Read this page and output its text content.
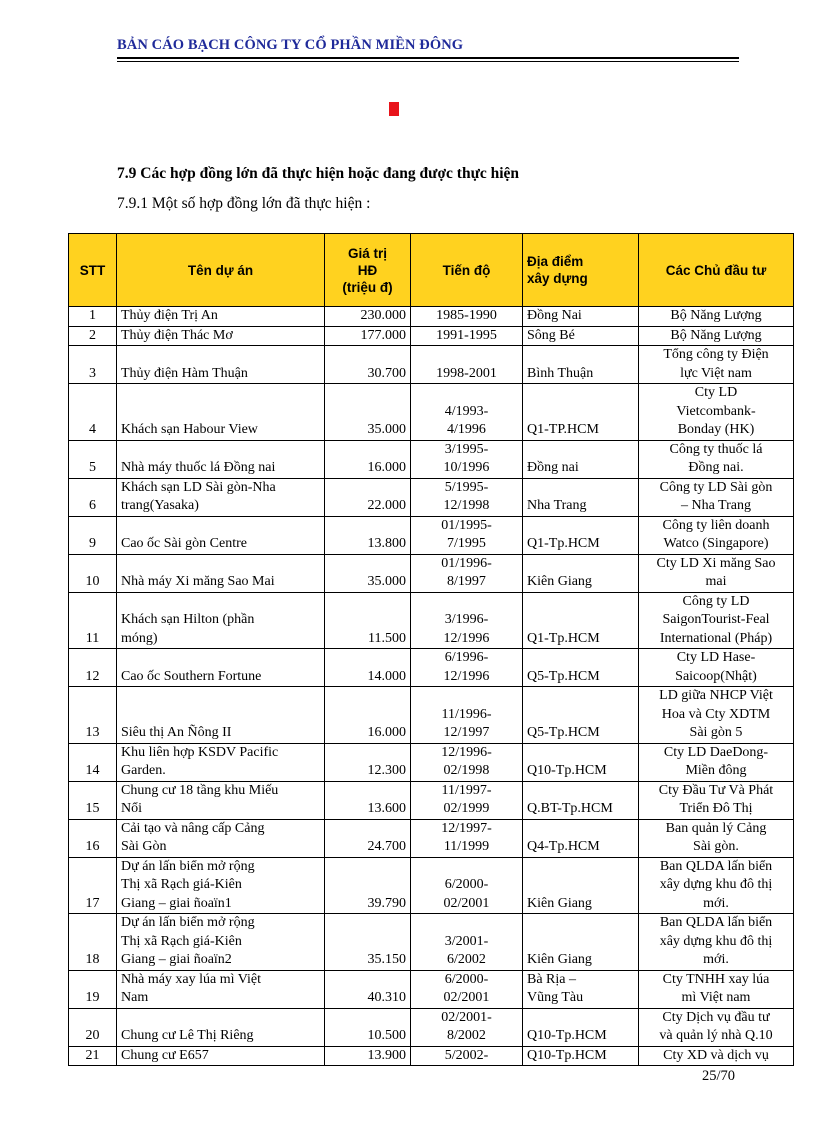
BẢN CÁO BẠCH CÔNG TY CỔ PHẦN MIỀN ĐÔNG
7.9 Các hợp đồng lớn đã thực hiện hoặc đang được thực hiện
7.9.1 Một số hợp đồng lớn đã thực hiện :
STT	Tên dự án	Giá trị
HĐ
(triệu đ)	Tiến độ	Địa điểm
xây dựng	Các Chủ đầu tư
1	Thủy điện Trị An	230.000	1985-1990	Đồng Nai	Bộ Năng Lượng
2	Thủy điện Thác Mơ	177.000	1991-1995	Sông Bé	Bộ Năng Lượng
3	Thủy điện Hàm Thuận	30.700	1998-2001	Bình Thuận	Tổng công ty Điện
lực Việt nam
4	Khách sạn Habour View	35.000	4/1993-
4/1996	Q1-TP.HCM	Cty LD
Vietcombank-
Bonday (HK)
5	Nhà máy thuốc lá Đồng nai	16.000	3/1995-
10/1996	Đồng nai	Công ty thuốc lá
Đồng nai.
6	Khách sạn LD Sài gòn-Nha
trang(Yasaka)	22.000	5/1995-
12/1998	Nha Trang	Công ty LD Sài gòn
– Nha Trang
9	Cao ốc Sài gòn Centre	13.800	01/1995-
7/1995	Q1-Tp.HCM	Công ty liên doanh
Watco (Singapore)
10	Nhà máy Xi măng Sao Mai	35.000	01/1996-
8/1997	Kiên Giang	Cty LD Xi măng Sao
mai
11	Khách sạn Hilton (phần
móng)	11.500	3/1996-
12/1996	Q1-Tp.HCM	Công ty LD
SaigonTourist-Feal
International (Pháp)
12	Cao ốc Southern Fortune	14.000	6/1996-
12/1996	Q5-Tp.HCM	Cty LD Hase-
Saicoop(Nhật)
13	Siêu thị An Ñông II	16.000	11/1996-
12/1997	Q5-Tp.HCM	LD giữa NHCP Việt
Hoa và Cty XDTM
Sài gòn 5
14	Khu liên hợp KSDV Pacific
Garden.	12.300	12/1996-
02/1998	Q10-Tp.HCM	Cty LD DaeDong-
Miền đông
15	Chung cư 18 tầng khu Miếu
Nổi	13.600	11/1997-
02/1999	Q.BT-Tp.HCM	Cty Đầu Tư Và Phát
Triển Đô Thị
16	Cải tạo và nâng cấp Cảng
Sài Gòn	24.700	12/1997-
11/1999	Q4-Tp.HCM	Ban quản lý Cảng
Sài gòn.
17	Dự án lấn biển mở rộng
Thị xã Rạch giá-Kiên
Giang – giai ñoaïn1	39.790	6/2000-
02/2001	Kiên Giang	Ban QLDA lấn biển
xây dựng khu đô thị
mới.
18	Dự án lấn biển mở rộng
Thị xã Rạch giá-Kiên
Giang – giai ñoaïn2	35.150	3/2001-
6/2002	Kiên Giang	Ban QLDA lấn biển
xây dựng khu đô thị
mới.
19	Nhà máy xay lúa mì Việt
Nam	40.310	6/2000-
02/2001	Bà Rịa –
Vũng Tàu	Cty TNHH xay lúa
mì Việt nam
20	Chung cư Lê Thị Riêng	10.500	02/2001-
8/2002	Q10-Tp.HCM	Cty Dịch vụ đầu tư
và quản lý nhà Q.10
21	Chung cư E657	13.900	5/2002-	Q10-Tp.HCM	Cty XD và dịch vụ
25/70
